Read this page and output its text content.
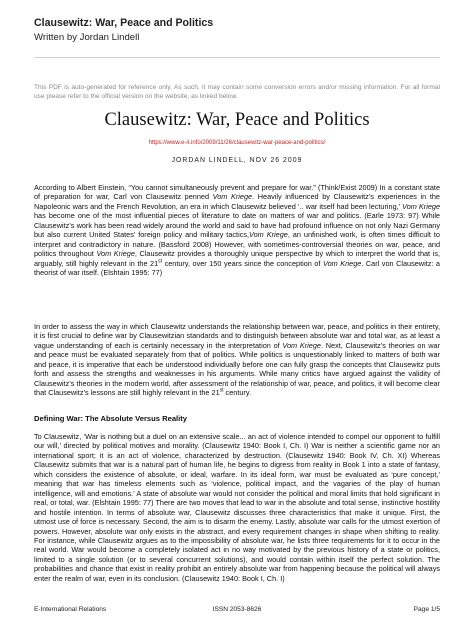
Clausewitz: War, Peace and Politics
Written by Jordan Lindell
This PDF is auto-generated for reference only. As such, it may contain some conversion errors and/or missing information. For all formal use please refer to the official version on the website, as linked below.
Clausewitz: War, Peace and Politics
https://www.e-ir.info/2009/11/26/clausewitz-war-peace-and-politics/
JORDAN LINDELL, NOV 26 2009
According to Albert Einstein, “You cannot simultaneously prevent and prepare for war.” (Think/Exist 2009) In a constant state of preparation for war, Carl von Clausewitz penned Vom Kriege. Heavily influenced by Clausewitz’s experiences in the Napoleonic wars and the French Revolution, an era in which Clausewitz believed ‘.. war itself had been lecturing,’ Vom Kriege has become one of the most influential pieces of literature to date on matters of war and politics. (Earle 1973: 97) While Clausewitz’s work has been read widely around the world and said to have had profound influence on not only Nazi Germany but also current United States’ foreign policy and military tactics,Vom Kriege, an unfinished work, is often times difficult to interpret and contradictory in nature. (Bassford 2008) However, with sometimes-controversial theories on war, peace, and politics throughout Vom Kriege, Clausewitz provides a thoroughly unique perspective by which to interpret the world that is, arguably, still highly relevant in the 21st century, over 150 years since the conception of Vom Kriege. Carl von Clausewitz: a theorist of war itself. (Elshtain 1995: 77)
In order to assess the way in which Clausewitz understands the relationship between war, peace, and politics in their entirety, it is first crucial to define war by Clausewitzian standards and to distinguish between absolute war and total war, as at least a vague understanding of each is certainly necessary in the interpretation of Vom Kriege. Next, Clausewitz’s theories on war and peace must be evaluated separately from that of politics. While politics is unquestionably linked to matters of both war and peace, it is imperative that each be understood individually before one can fully grasp the concepts that Clausewitz puts forth and assess the strengths and weaknesses in his arguments. While many critics have argued against the validity of Clausewitz’s theories in the modern world, after assessment of the relationship of war, peace, and politics, it will become clear that Clausewitz’s lessons are still highly relevant in the 21st century.
Defining War: The Absolute Versus Reality
To Clausewitz, ‘War is nothing but a duel on an extensive scale... an act of violence intended to compel our opponent to fulfill our will,’ directed by political motives and morality. (Clausewitz 1940: Book I, Ch. I) War is neither a scientific game nor an international sport; it is an act of violence, characterized by destruction. (Clausewitz 1940: Book IV, Ch. XI) Whereas Clausewitz submits that war is a natural part of human life, he begins to digress from reality in Book 1 into a state of fantasy, which considers the existence of absolute, or ideal, warfare. In its ideal form, war must be evaluated as ‘pure concept,’ meaning that war has timeless elements such as ‘violence, political impact, and the vagaries of the play of human intelligence, will and emotions.’ A state of absolute war would not consider the political and moral limits that hold significant in real, or total, war. (Elshtain 1995: 77) There are two moves that lead to war in the absolute and total sense, instinctive hostility and hostile intention. In terms of absolute war, Clausewitz discusses three characteristics that make it unique. First, the utmost use of force is necessary. Second, the aim is to disarm the enemy. Lastly, absolute war calls for the utmost exertion of powers. However, absolute war only exists in the abstract, and every requirement changes in shape when shifting to reality. For instance, while Clausewitz argues as to the impossibility of absolute war, he lists three requirements for it to occur in the real world. War would become a completely isolated act in no way motivated by the previous history of a state or politics, limited to a single solution (or to several concurrent solutions), and would contain within itself the perfect solution. The probabilities and chance that exist in reality prohibit an entirely absolute war from happening because the political will always enter the realm of war, even in its conclusion. (Clausewitz 1940: Book I, Ch. I)
E-International Relations	ISSN 2053-8626	Page 1/5
